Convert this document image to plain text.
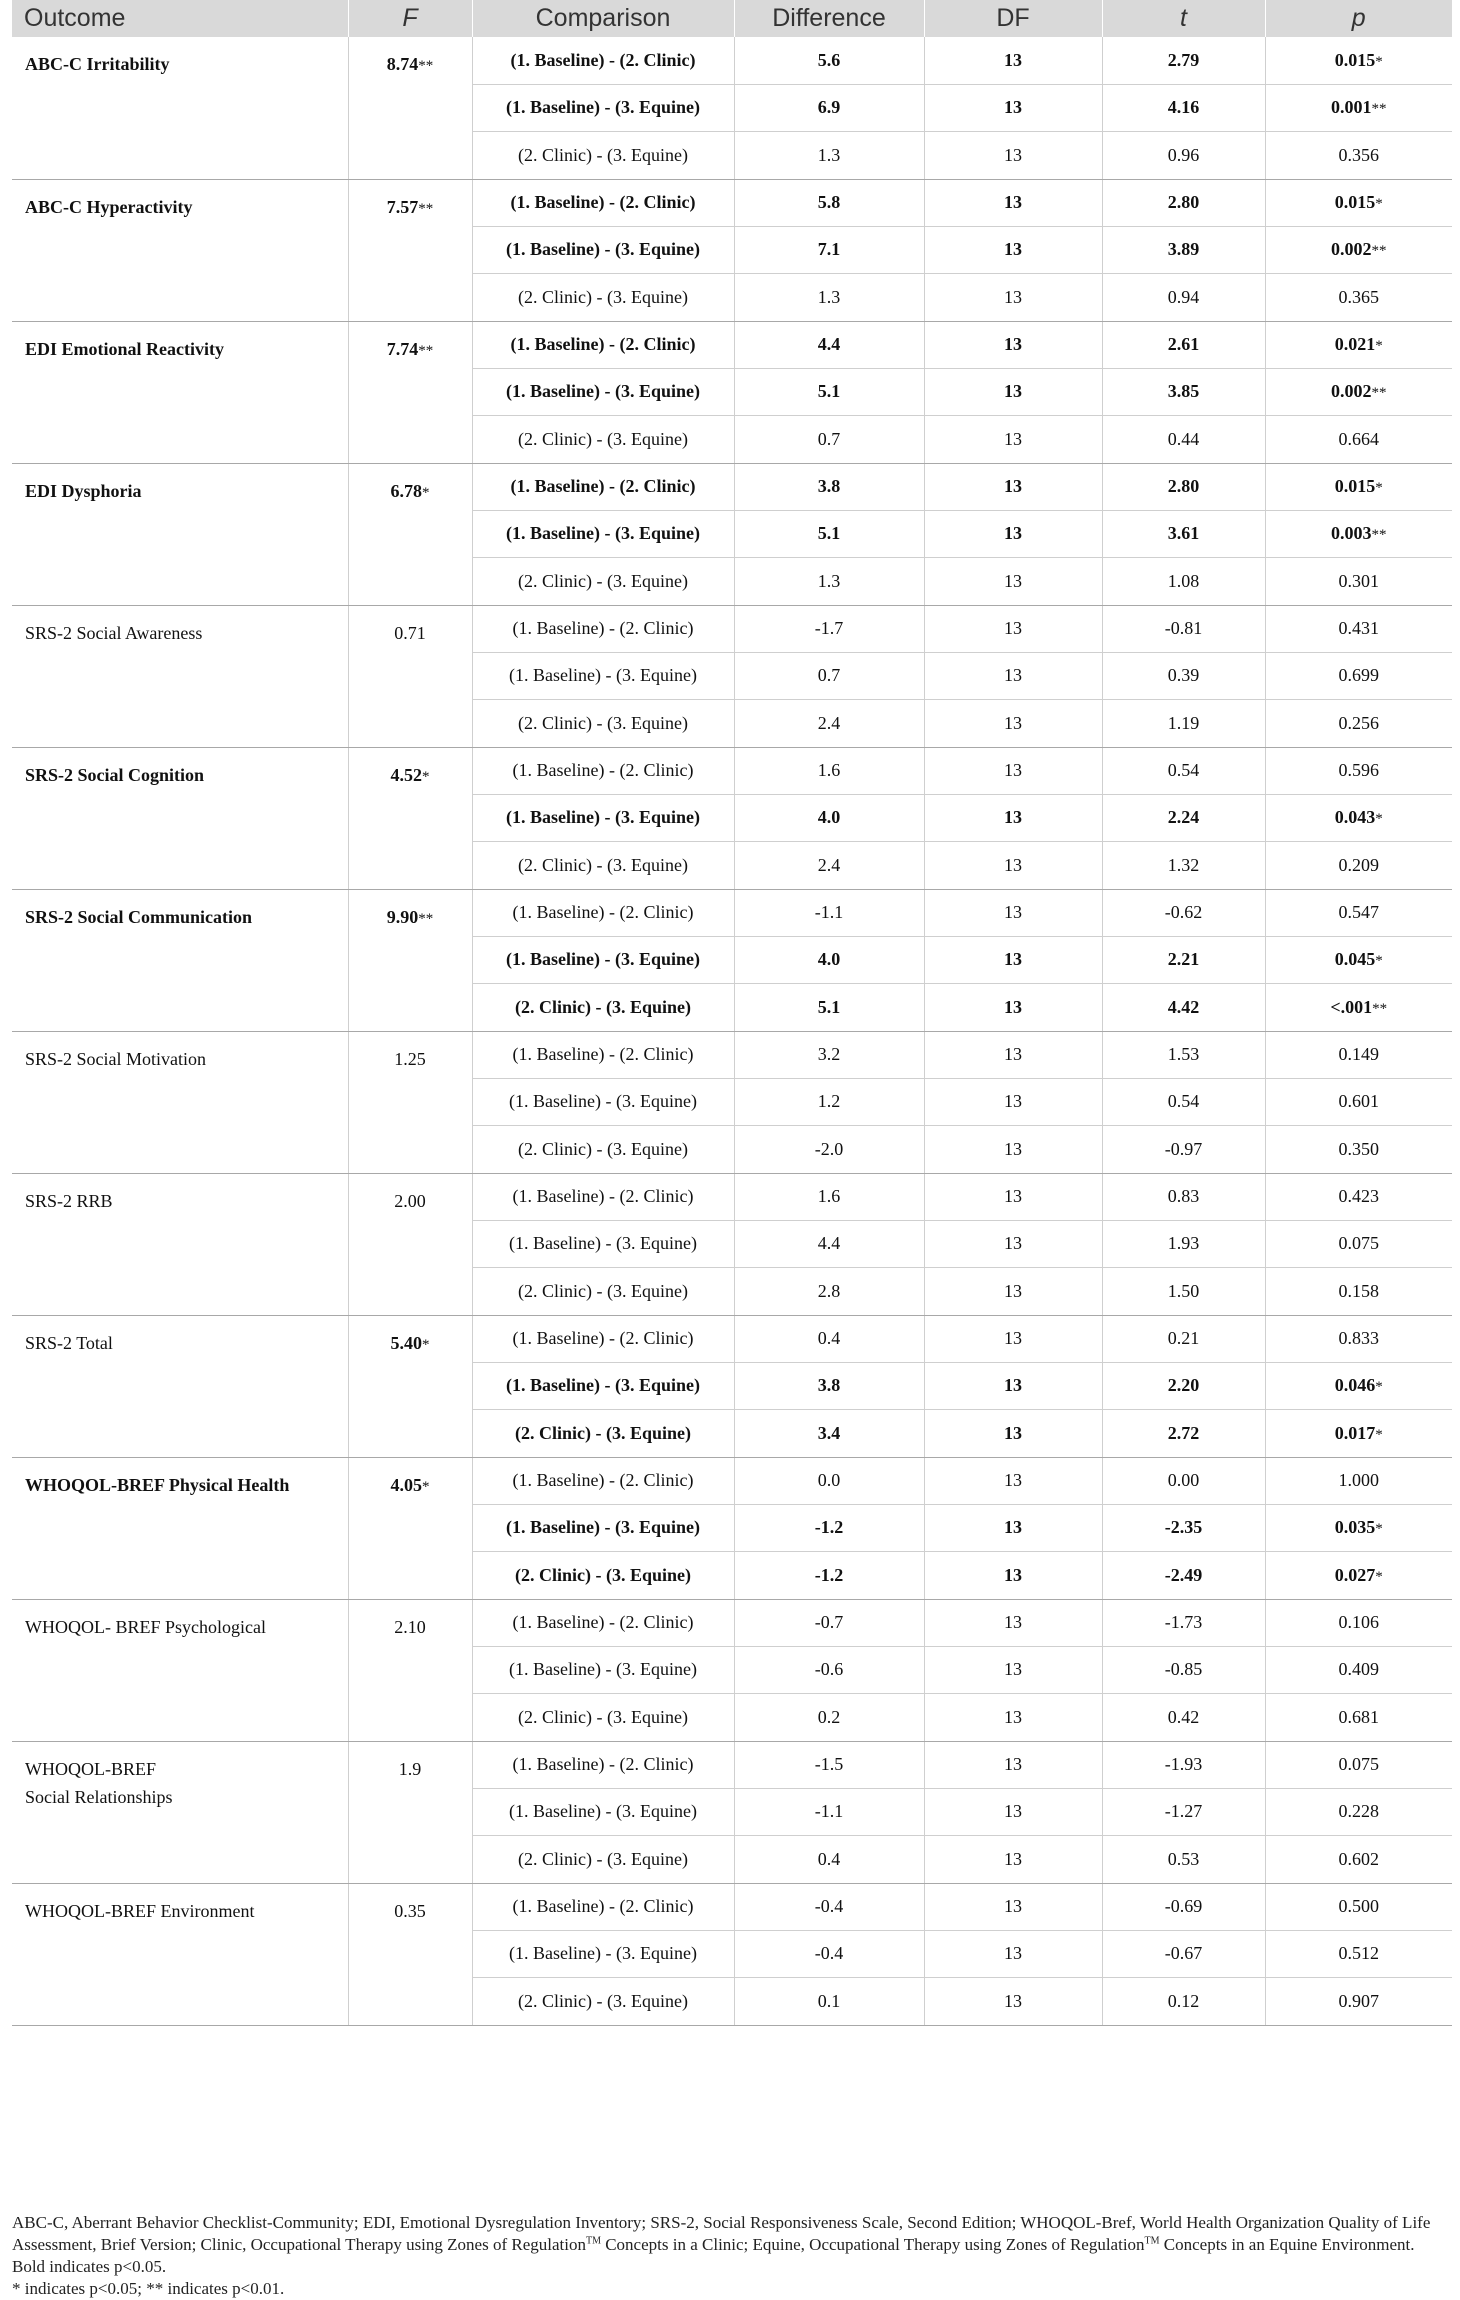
Outcome	F	Comparison	Difference	DF	t	p

ABC-C Irritability	8.74**	(1. Baseline) - (2. Clinic)	5.6	13	2.79	0.015*
		(1. Baseline) - (3. Equine)	6.9	13	4.16	0.001**
		(2. Clinic) - (3. Equine)	1.3	13	0.96	0.356

ABC-C Hyperactivity	7.57**	(1. Baseline) - (2. Clinic)	5.8	13	2.80	0.015*
		(1. Baseline) - (3. Equine)	7.1	13	3.89	0.002**
		(2. Clinic) - (3. Equine)	1.3	13	0.94	0.365

EDI Emotional Reactivity	7.74**	(1. Baseline) - (2. Clinic)	4.4	13	2.61	0.021*
		(1. Baseline) - (3. Equine)	5.1	13	3.85	0.002**
		(2. Clinic) - (3. Equine)	0.7	13	0.44	0.664

EDI Dysphoria	6.78*	(1. Baseline) - (2. Clinic)	3.8	13	2.80	0.015*
		(1. Baseline) - (3. Equine)	5.1	13	3.61	0.003**
		(2. Clinic) - (3. Equine)	1.3	13	1.08	0.301

SRS-2 Social Awareness	0.71	(1. Baseline) - (2. Clinic)	-1.7	13	-0.81	0.431
		(1. Baseline) - (3. Equine)	0.7	13	0.39	0.699
		(2. Clinic) - (3. Equine)	2.4	13	1.19	0.256

SRS-2 Social Cognition	4.52*	(1. Baseline) - (2. Clinic)	1.6	13	0.54	0.596
		(1. Baseline) - (3. Equine)	4.0	13	2.24	0.043*
		(2. Clinic) - (3. Equine)	2.4	13	1.32	0.209

SRS-2 Social Communication	9.90**	(1. Baseline) - (2. Clinic)	-1.1	13	-0.62	0.547
		(1. Baseline) - (3. Equine)	4.0	13	2.21	0.045*
		(2. Clinic) - (3. Equine)	5.1	13	4.42	<.001**

SRS-2 Social Motivation	1.25	(1. Baseline) - (2. Clinic)	3.2	13	1.53	0.149
		(1. Baseline) - (3. Equine)	1.2	13	0.54	0.601
		(2. Clinic) - (3. Equine)	-2.0	13	-0.97	0.350

SRS-2 RRB	2.00	(1. Baseline) - (2. Clinic)	1.6	13	0.83	0.423
		(1. Baseline) - (3. Equine)	4.4	13	1.93	0.075
		(2. Clinic) - (3. Equine)	2.8	13	1.50	0.158

SRS-2 Total	5.40*	(1. Baseline) - (2. Clinic)	0.4	13	0.21	0.833
		(1. Baseline) - (3. Equine)	3.8	13	2.20	0.046*
		(2. Clinic) - (3. Equine)	3.4	13	2.72	0.017*

WHOQOL-BREF Physical Health	4.05*	(1. Baseline) - (2. Clinic)	0.0	13	0.00	1.000
		(1. Baseline) - (3. Equine)	-1.2	13	-2.35	0.035*
		(2. Clinic) - (3. Equine)	-1.2	13	-2.49	0.027*

WHOQOL- BREF Psychological	2.10	(1. Baseline) - (2. Clinic)	-0.7	13	-1.73	0.106
		(1. Baseline) - (3. Equine)	-0.6	13	-0.85	0.409
		(2. Clinic) - (3. Equine)	0.2	13	0.42	0.681

WHOQOL-BREF
Social Relationships	1.9	(1. Baseline) - (2. Clinic)	-1.5	13	-1.93	0.075
		(1. Baseline) - (3. Equine)	-1.1	13	-1.27	0.228
		(2. Clinic) - (3. Equine)	0.4	13	0.53	0.602

WHOQOL-BREF Environment	0.35	(1. Baseline) - (2. Clinic)	-0.4	13	-0.69	0.500
		(1. Baseline) - (3. Equine)	-0.4	13	-0.67	0.512
		(2. Clinic) - (3. Equine)	0.1	13	0.12	0.907

ABC-C, Aberrant Behavior Checklist-Community; EDI, Emotional Dysregulation Inventory; SRS-2, Social Responsiveness Scale, Second Edition; WHOQOL-Bref, World Health Organization Quality of Life Assessment, Brief Version; Clinic, Occupational Therapy using Zones of Regulation™ Concepts in a Clinic; Equine, Occupational Therapy using Zones of Regulation™ Concepts in an Equine Environment.

Bold indicates p<0.05.

* indicates p<0.05; ** indicates p<0.01.
